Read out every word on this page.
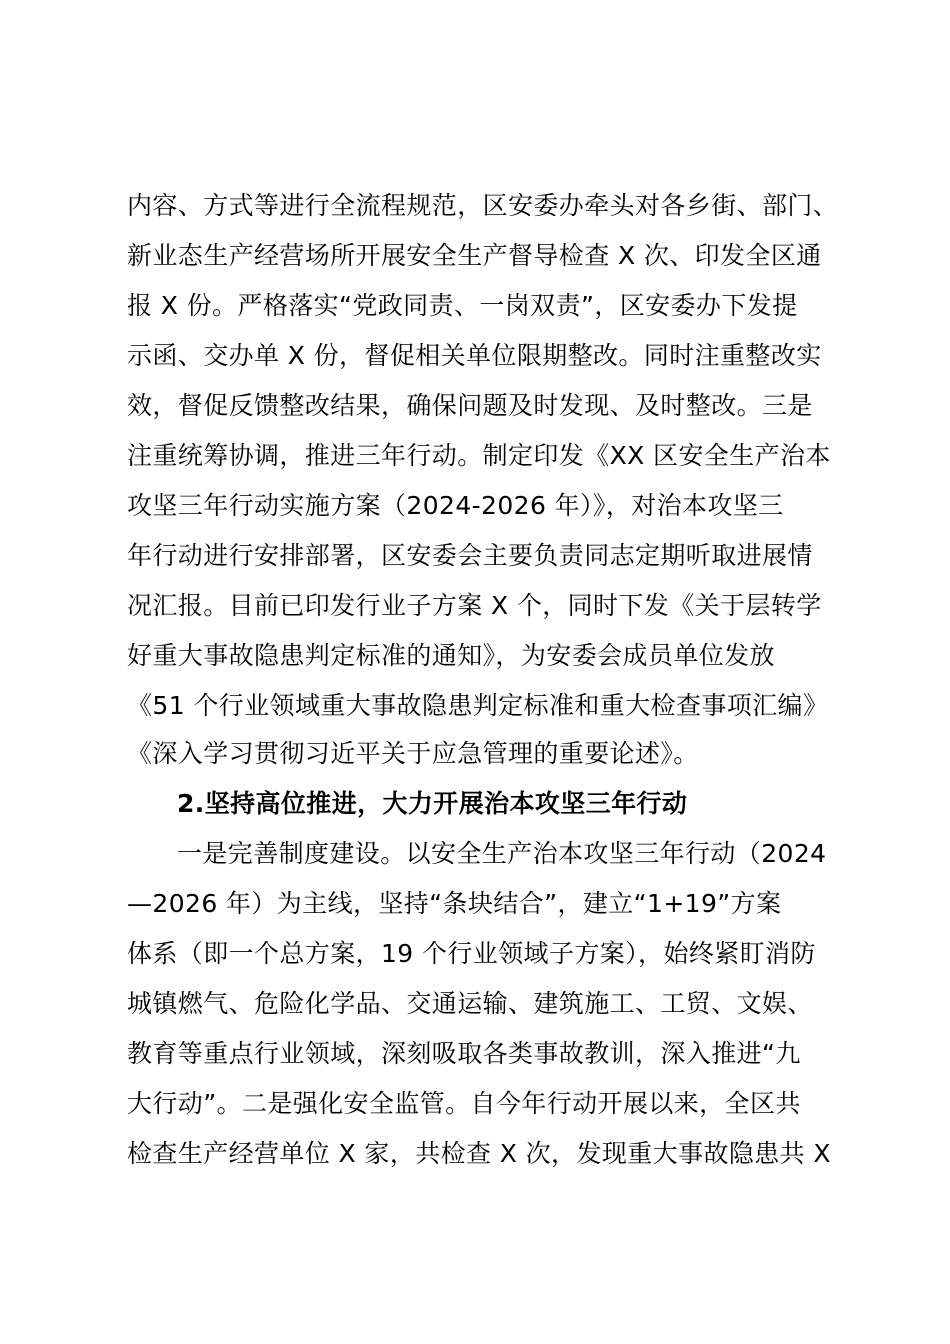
内容、方式等进行全流程规范，区安委办牵头对各乡街、部门、
新业态生产经营场所开展安全生产督导检查 X 次、印发全区通
报 X 份。严格落实“党政同责、一岗双责”，区安委办下发提
示函、交办单 X 份，督促相关单位限期整改。同时注重整改实
效，督促反馈整改结果，确保问题及时发现、及时整改。三是
注重统筹协调，推进三年行动。制定印发《XX 区安全生产治本
攻坚三年行动实施方案（2024-2026 年）》，对治本攻坚三
年行动进行安排部署，区安委会主要负责同志定期听取进展情
况汇报。目前已印发行业子方案 X 个，同时下发《关于层转学
好重大事故隐患判定标准的通知》，为安委会成员单位发放
《51 个行业领域重大事故隐患判定标准和重大检查事项汇编》
《深入学习贯彻习近平关于应急管理的重要论述》。
2.坚持高位推进，大力开展治本攻坚三年行动
一是完善制度建设。以安全生产治本攻坚三年行动（2024
—2026 年）为主线，坚持“条块结合”，建立“1+19”方案
体系（即一个总方案，19 个行业领域子方案），始终紧盯消防
城镇燃气、危险化学品、交通运输、建筑施工、工贸、文娱、
教育等重点行业领域，深刻吸取各类事故教训，深入推进“九
大行动”。二是强化安全监管。自今年行动开展以来，全区共
检查生产经营单位 X 家，共检查 X 次，发现重大事故隐患共 X
